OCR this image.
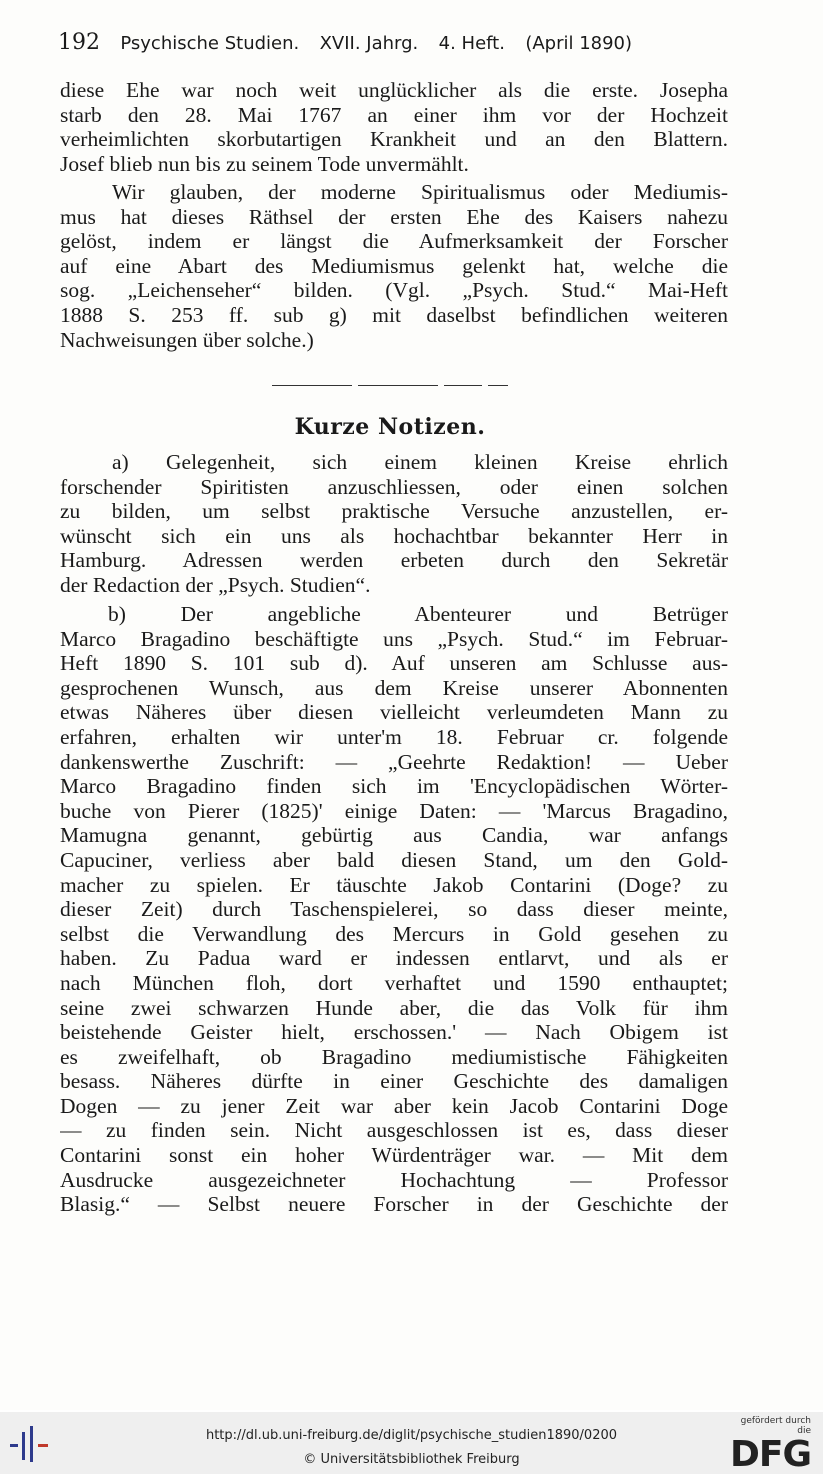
192 Psychische Studien. XVII. Jahrg. 4. Heft. (April 1890)
diese Ehe war noch weit unglücklicher als die erste. Josepha
starb den 28. Mai 1767 an einer ihm vor der Hochzeit
verheimlichten skorbutartigen Krankheit und an den Blattern.
Josef blieb nun bis zu seinem Tode unvermählt.
Wir glauben, der moderne Spiritualismus oder Mediumis-
mus hat dieses Räthsel der ersten Ehe des Kaisers nahezu
gelöst, indem er längst die Aufmerksamkeit der Forscher
auf eine Abart des Mediumismus gelenkt hat, welche die
sog. „Leichenseher“ bilden. (Vgl. „Psych. Stud.“ Mai-Heft
1888 S. 253 ff. sub g) mit daselbst befindlichen weiteren
Nachweisungen über solche.)
Kurze Notizen.
a) Gelegenheit, sich einem kleinen Kreise ehrlich
forschender Spiritisten anzuschliessen, oder einen solchen
zu bilden, um selbst praktische Versuche anzustellen, er-
wünscht sich ein uns als hochachtbar bekannter Herr in
Hamburg. Adressen werden erbeten durch den Sekretär
der Redaction der „Psych. Studien“.
b) Der angebliche Abenteurer und Betrüger
Marco Bragadino beschäftigte uns „Psych. Stud.“ im Februar-
Heft 1890 S. 101 sub d). Auf unseren am Schlusse aus-
gesprochenen Wunsch, aus dem Kreise unserer Abonnenten
etwas Näheres über diesen vielleicht verleumdeten Mann zu
erfahren, erhalten wir unter'm 18. Februar cr. folgende
dankenswerthe Zuschrift: — „Geehrte Redaktion! — Ueber
Marco Bragadino finden sich im 'Encyclopädischen Wörter-
buche von Pierer (1825)' einige Daten: — 'Marcus Bragadino,
Mamugna genannt, gebürtig aus Candia, war anfangs
Capuciner, verliess aber bald diesen Stand, um den Gold-
macher zu spielen. Er täuschte Jakob Contarini (Doge? zu
dieser Zeit) durch Taschenspielerei, so dass dieser meinte,
selbst die Verwandlung des Mercurs in Gold gesehen zu
haben. Zu Padua ward er indessen entlarvt, und als er
nach München floh, dort verhaftet und 1590 enthauptet;
seine zwei schwarzen Hunde aber, die das Volk für ihm
beistehende Geister hielt, erschossen.' — Nach Obigem ist
es zweifelhaft, ob Bragadino mediumistische Fähigkeiten
besass. Näheres dürfte in einer Geschichte des damaligen
Dogen — zu jener Zeit war aber kein Jacob Contarini Doge
— zu finden sein. Nicht ausgeschlossen ist es, dass dieser
Contarini sonst ein hoher Würdenträger war. — Mit dem
Ausdrucke ausgezeichneter Hochachtung — Professor
Blasig.“ — Selbst neuere Forscher in der Geschichte der
http://dl.ub.uni-freiburg.de/diglit/psychische_studien1890/0200
© Universitätsbibliothek Freiburg
gefördert durch die
DFG
